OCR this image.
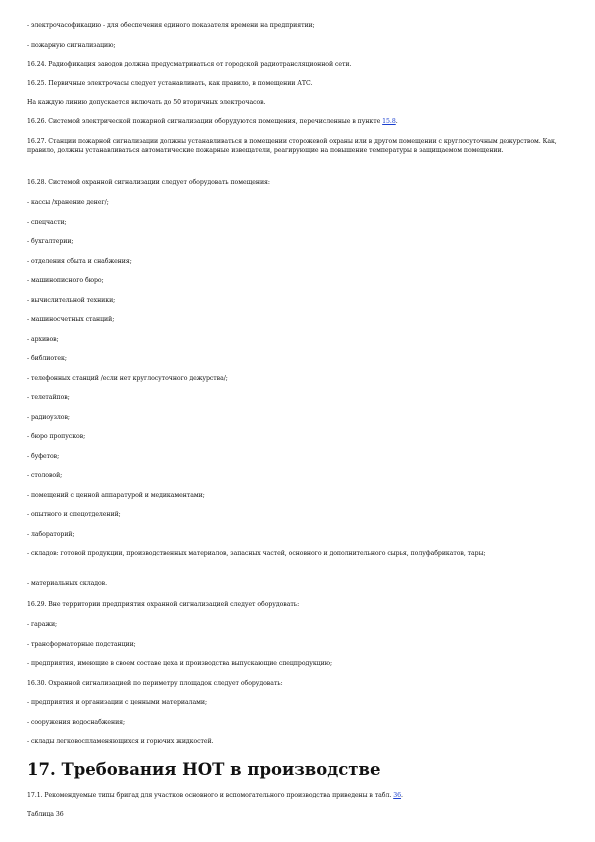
- электрочасофикацию - для обеспечения единого показателя времени на предприятии;
- пожарную сигнализацию;
16.24. Радиофикация заводов должна предусматриваться от городской радиотрансляционной сети.
16.25. Первичные электрочасы следует устанавливать, как правило, в помещении АТС.
На каждую линию допускается включать до 50 вторичных электрочасов.
16.26. Системой электрической пожарной сигнализации оборудуются помещения, перечисленные в пункте 15.8.
16.27. Станции пожарной сигнализации должны устанавливаться в помещении сторожевой охраны или в другом помещении с круглосуточным дежурством. Как, правило, должны устанавливаться автоматические пожарные извещатели, реагирующие на повышение температуры в защищаемом помещении.
16.28. Системой охранной сигнализации следует оборудовать помещения:
- кассы /хранение денег/;
- спецчасти;
- бухгалтерии;
- отделения сбыта и снабжения;
- машинописного бюро;
- вычислительной техники;
- машиносчетных станций;
- архивов;
- библиотек;
- телефонных станций /если нет круглосуточного дежурства/;
- телетайпов;
- радиоузлов;
- бюро пропусков;
- буфетов;
- столовой;
- помещений с ценной аппаратурой и медикаментами;
- опытного и спецотделений;
- лабораторий;
- складов: готовой продукции, производственных материалов, запасных частей, основного и дополнительного сырья, полуфабрикатов, тары;
- материальных складов.
16.29. Вне территории предприятия охранной сигнализацией следует оборудовать:
- гаражи;
- трансформаторные подстанции;
- предприятия, имеющие в своем составе цеха и производства выпускающие спецпродукцию;
16.30. Охранной сигнализацией по периметру площадок следует оборудовать:
- предприятия и организации с ценными материалами;
- сооружения водоснабжения;
- склады легковоспламеняющихся и горючих жидкостей.
17. Требования НОТ в производстве
17.1. Рекомендуемые типы бригад для участков основного и вспомогательного производства приведены в табл. 36.
Таблица 36
